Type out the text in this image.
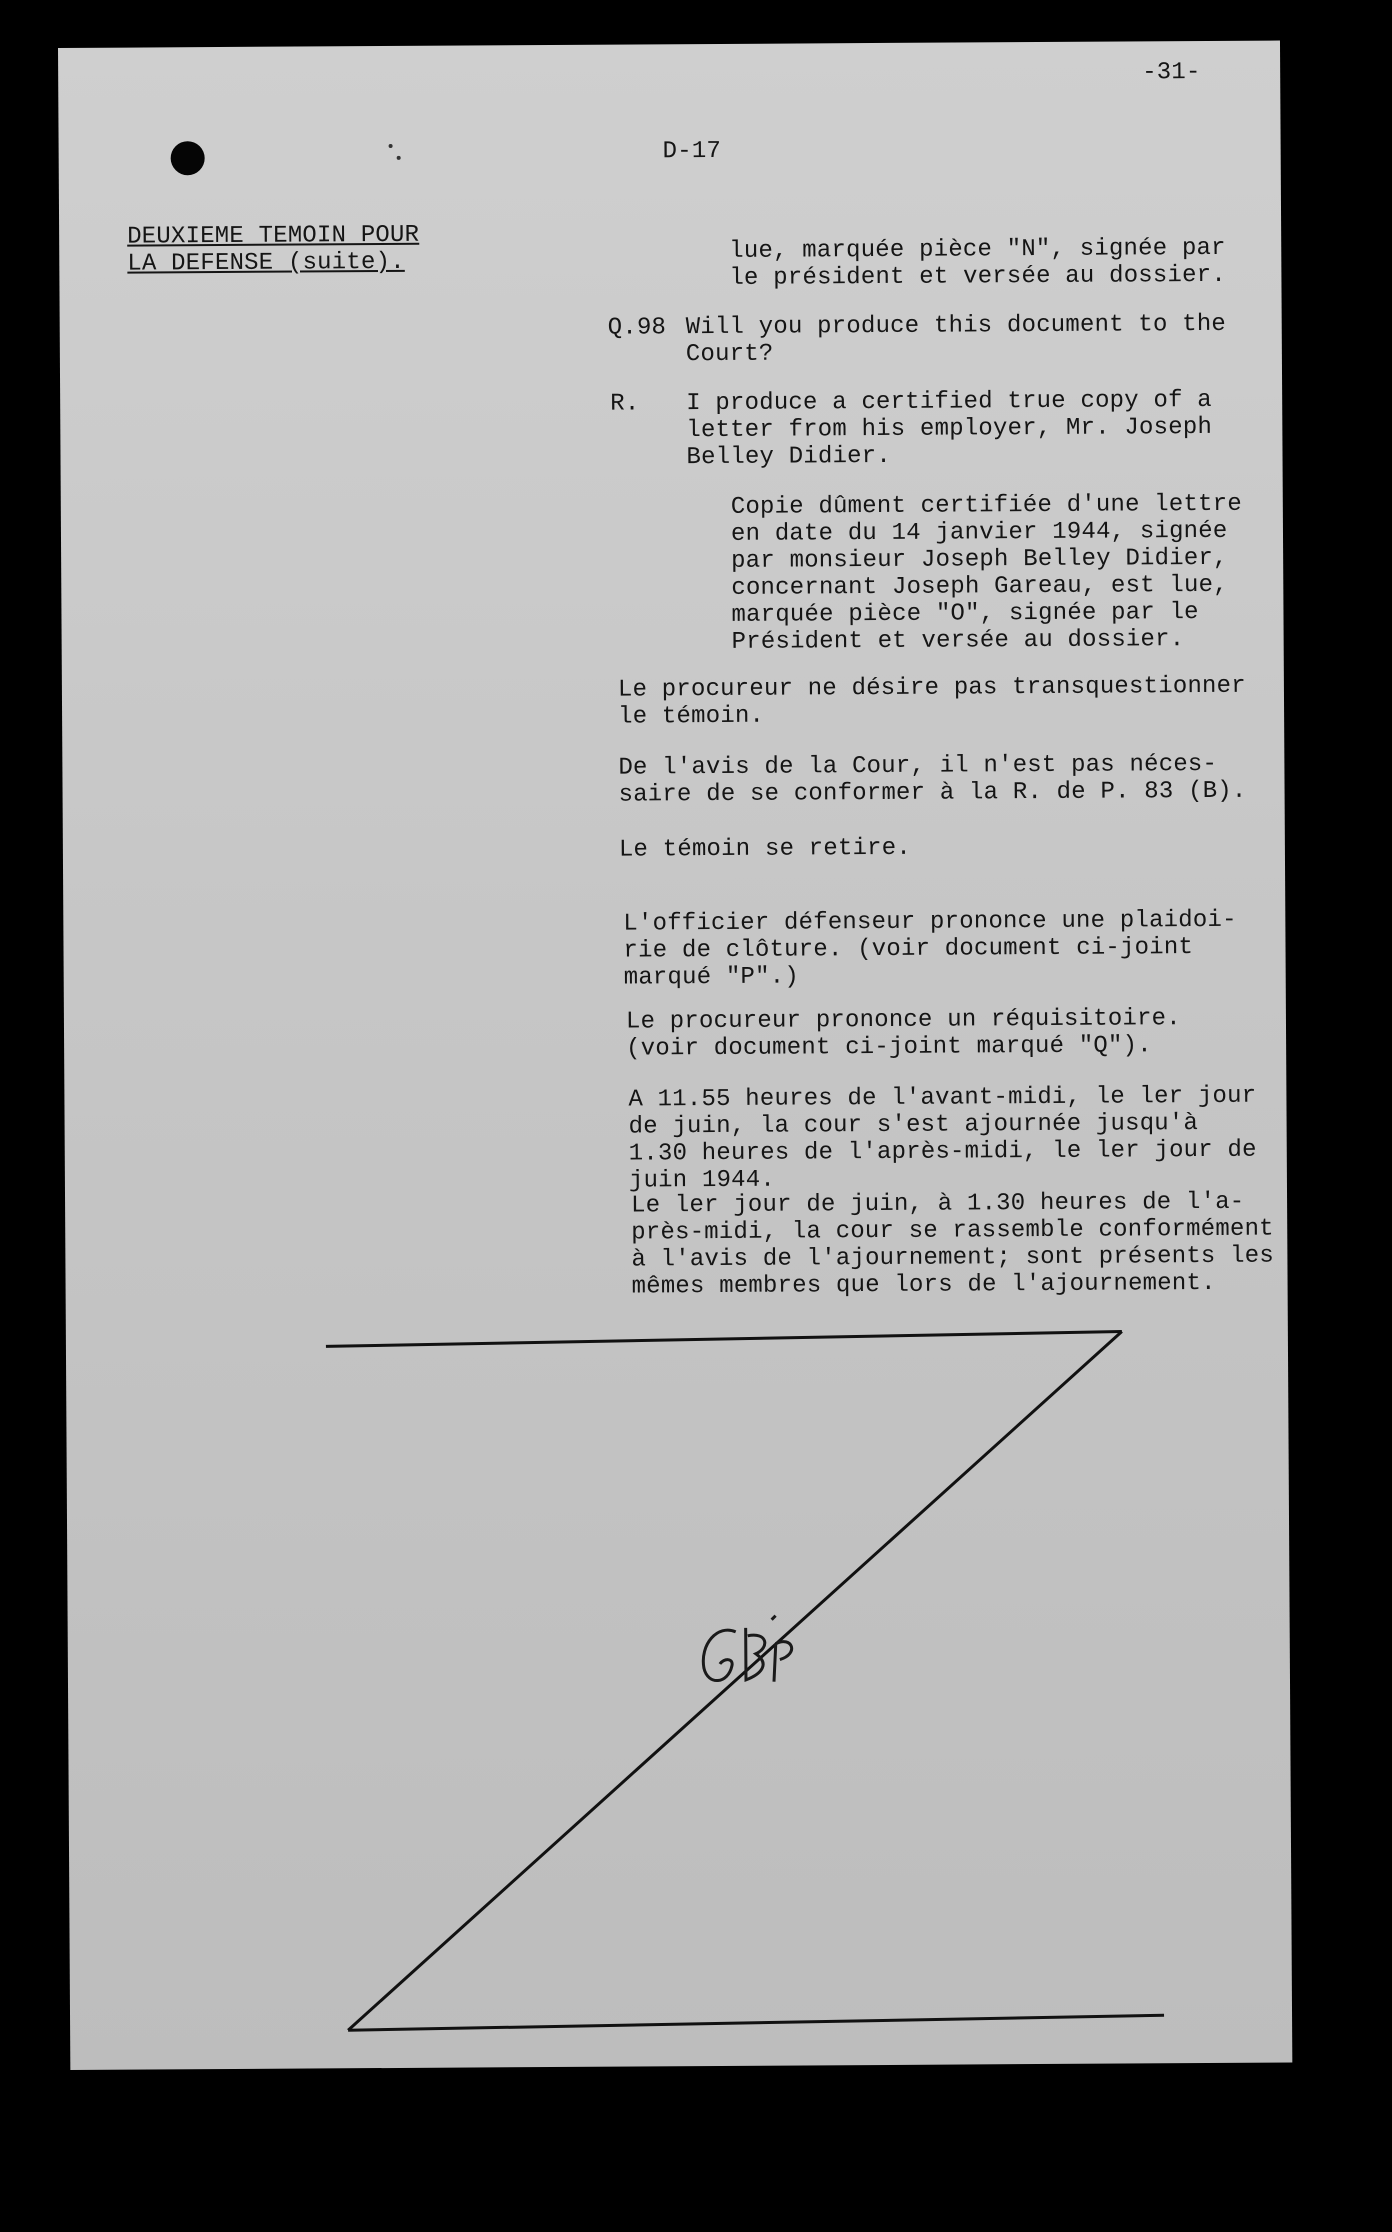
-31-
D-17
DEUXIEME TEMOIN POUR
LA DEFENSE (suite).	lue, marquée pièce "N", signée par
le président et versée au dossier.
Q.98 Will you produce this document to the
Court?
R. I produce a certified true copy of a
letter from his employer, Mr. Joseph
Belley Didier.
Copie dûment certifiée d'une lettre
en date du 14 janvier 1944, signée
par monsieur Joseph Belley Didier,
concernant Joseph Gareau, est lue,
marquée pièce "O", signée par le
Président et versée au dossier.
Le procureur ne désire pas transquestionner
le témoin.
De l'avis de la Cour, il n'est pas néces-
saire de se conformer à la R. de P. 83 (B).
Le témoin se retire.
L'officier défenseur prononce une plaidoi-
rie de clôture. (voir document ci-joint
marqué "P".)
Le procureur prononce un réquisitoire.
(voir document ci-joint marqué "Q").
A 11.55 heures de l'avant-midi, le ler jour
de juin, la cour s'est ajournée jusqu'à
1.30 heures de l'après-midi, le ler jour de
juin 1944.
Le ler jour de juin, à 1.30 heures de l'a-
près-midi, la cour se rassemble conformément
à l'avis de l'ajournement; sont présents les
mêmes membres que lors de l'ajournement.
